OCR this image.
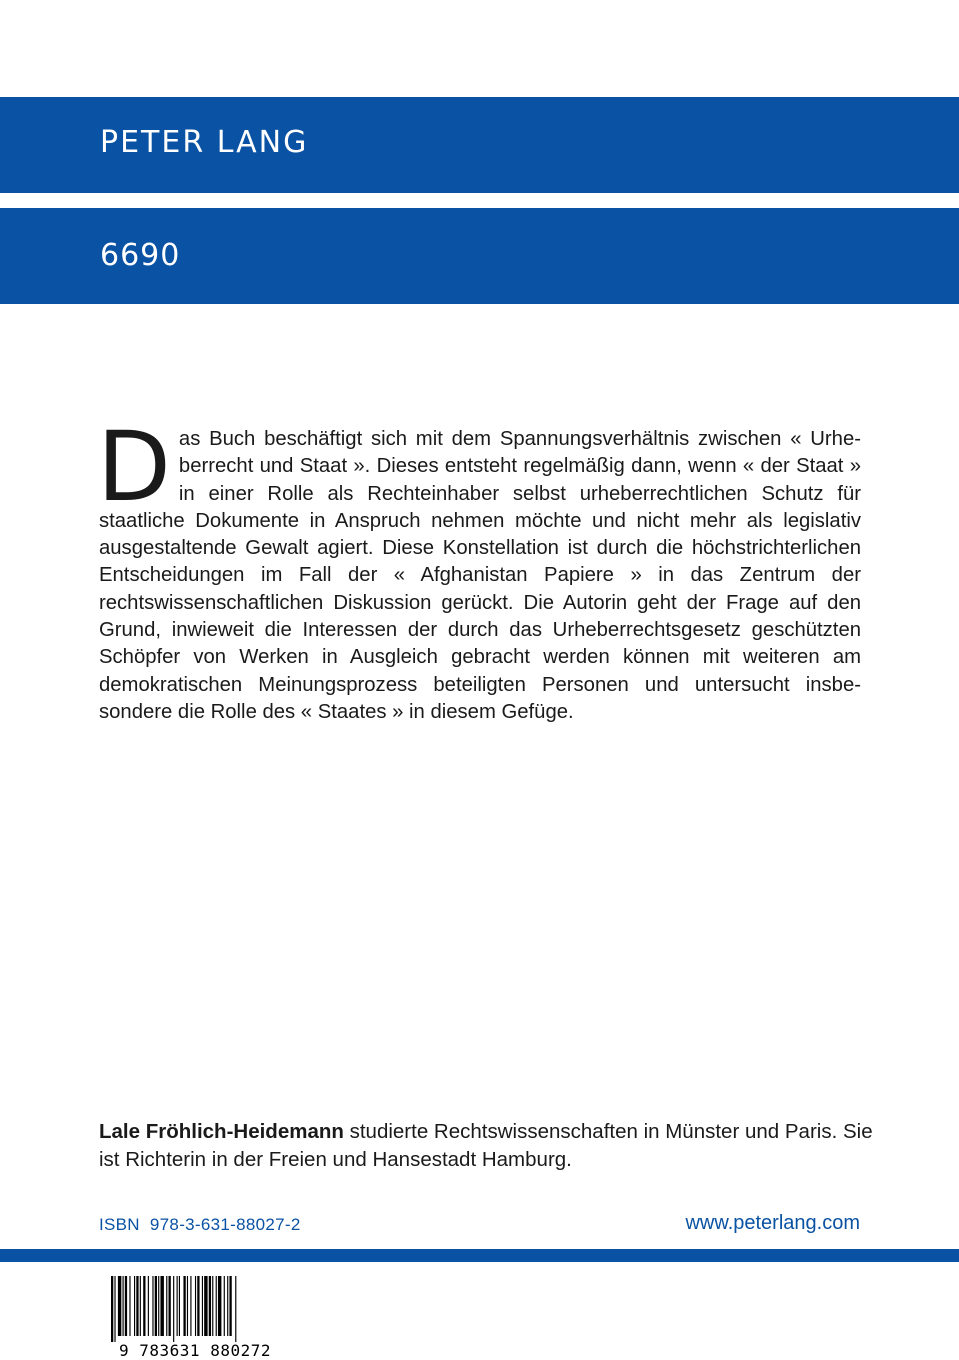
PETER LANG
6690
D as Buch beschäftigt sich mit dem Spannungsverhältnis zwischen « Urheberrecht und Staat ». Dieses entsteht regelmäßig dann, wenn « der Staat » in einer Rolle als Rechteinhaber selbst urheberrechtlichen Schutz für staatliche Dokumente in Anspruch nehmen möchte und nicht mehr als legislativ ausgestaltende Gewalt agiert. Diese Konstellation ist durch die höchstrichterlichen Entscheidungen im Fall der « Afghanistan Papiere » in das Zentrum der rechtswissenschaftlichen Diskussion gerückt. Die Autorin geht der Frage auf den Grund, inwieweit die Interessen der durch das Urheberrechtsgesetz geschützten Schöpfer von Werken in Ausgleich gebracht werden können mit weiteren am demokratischen Meinungsprozess beteiligten Personen und untersucht insbesondere die Rolle des « Staates » in diesem Gefüge.
Lale Fröhlich-Heidemann studierte Rechtswissenschaften in Münster und Paris. Sie ist Richterin in der Freien und Hansestadt Hamburg.
ISBN  978-3-631-88027-2	www.peterlang.com
9 783631 880272
